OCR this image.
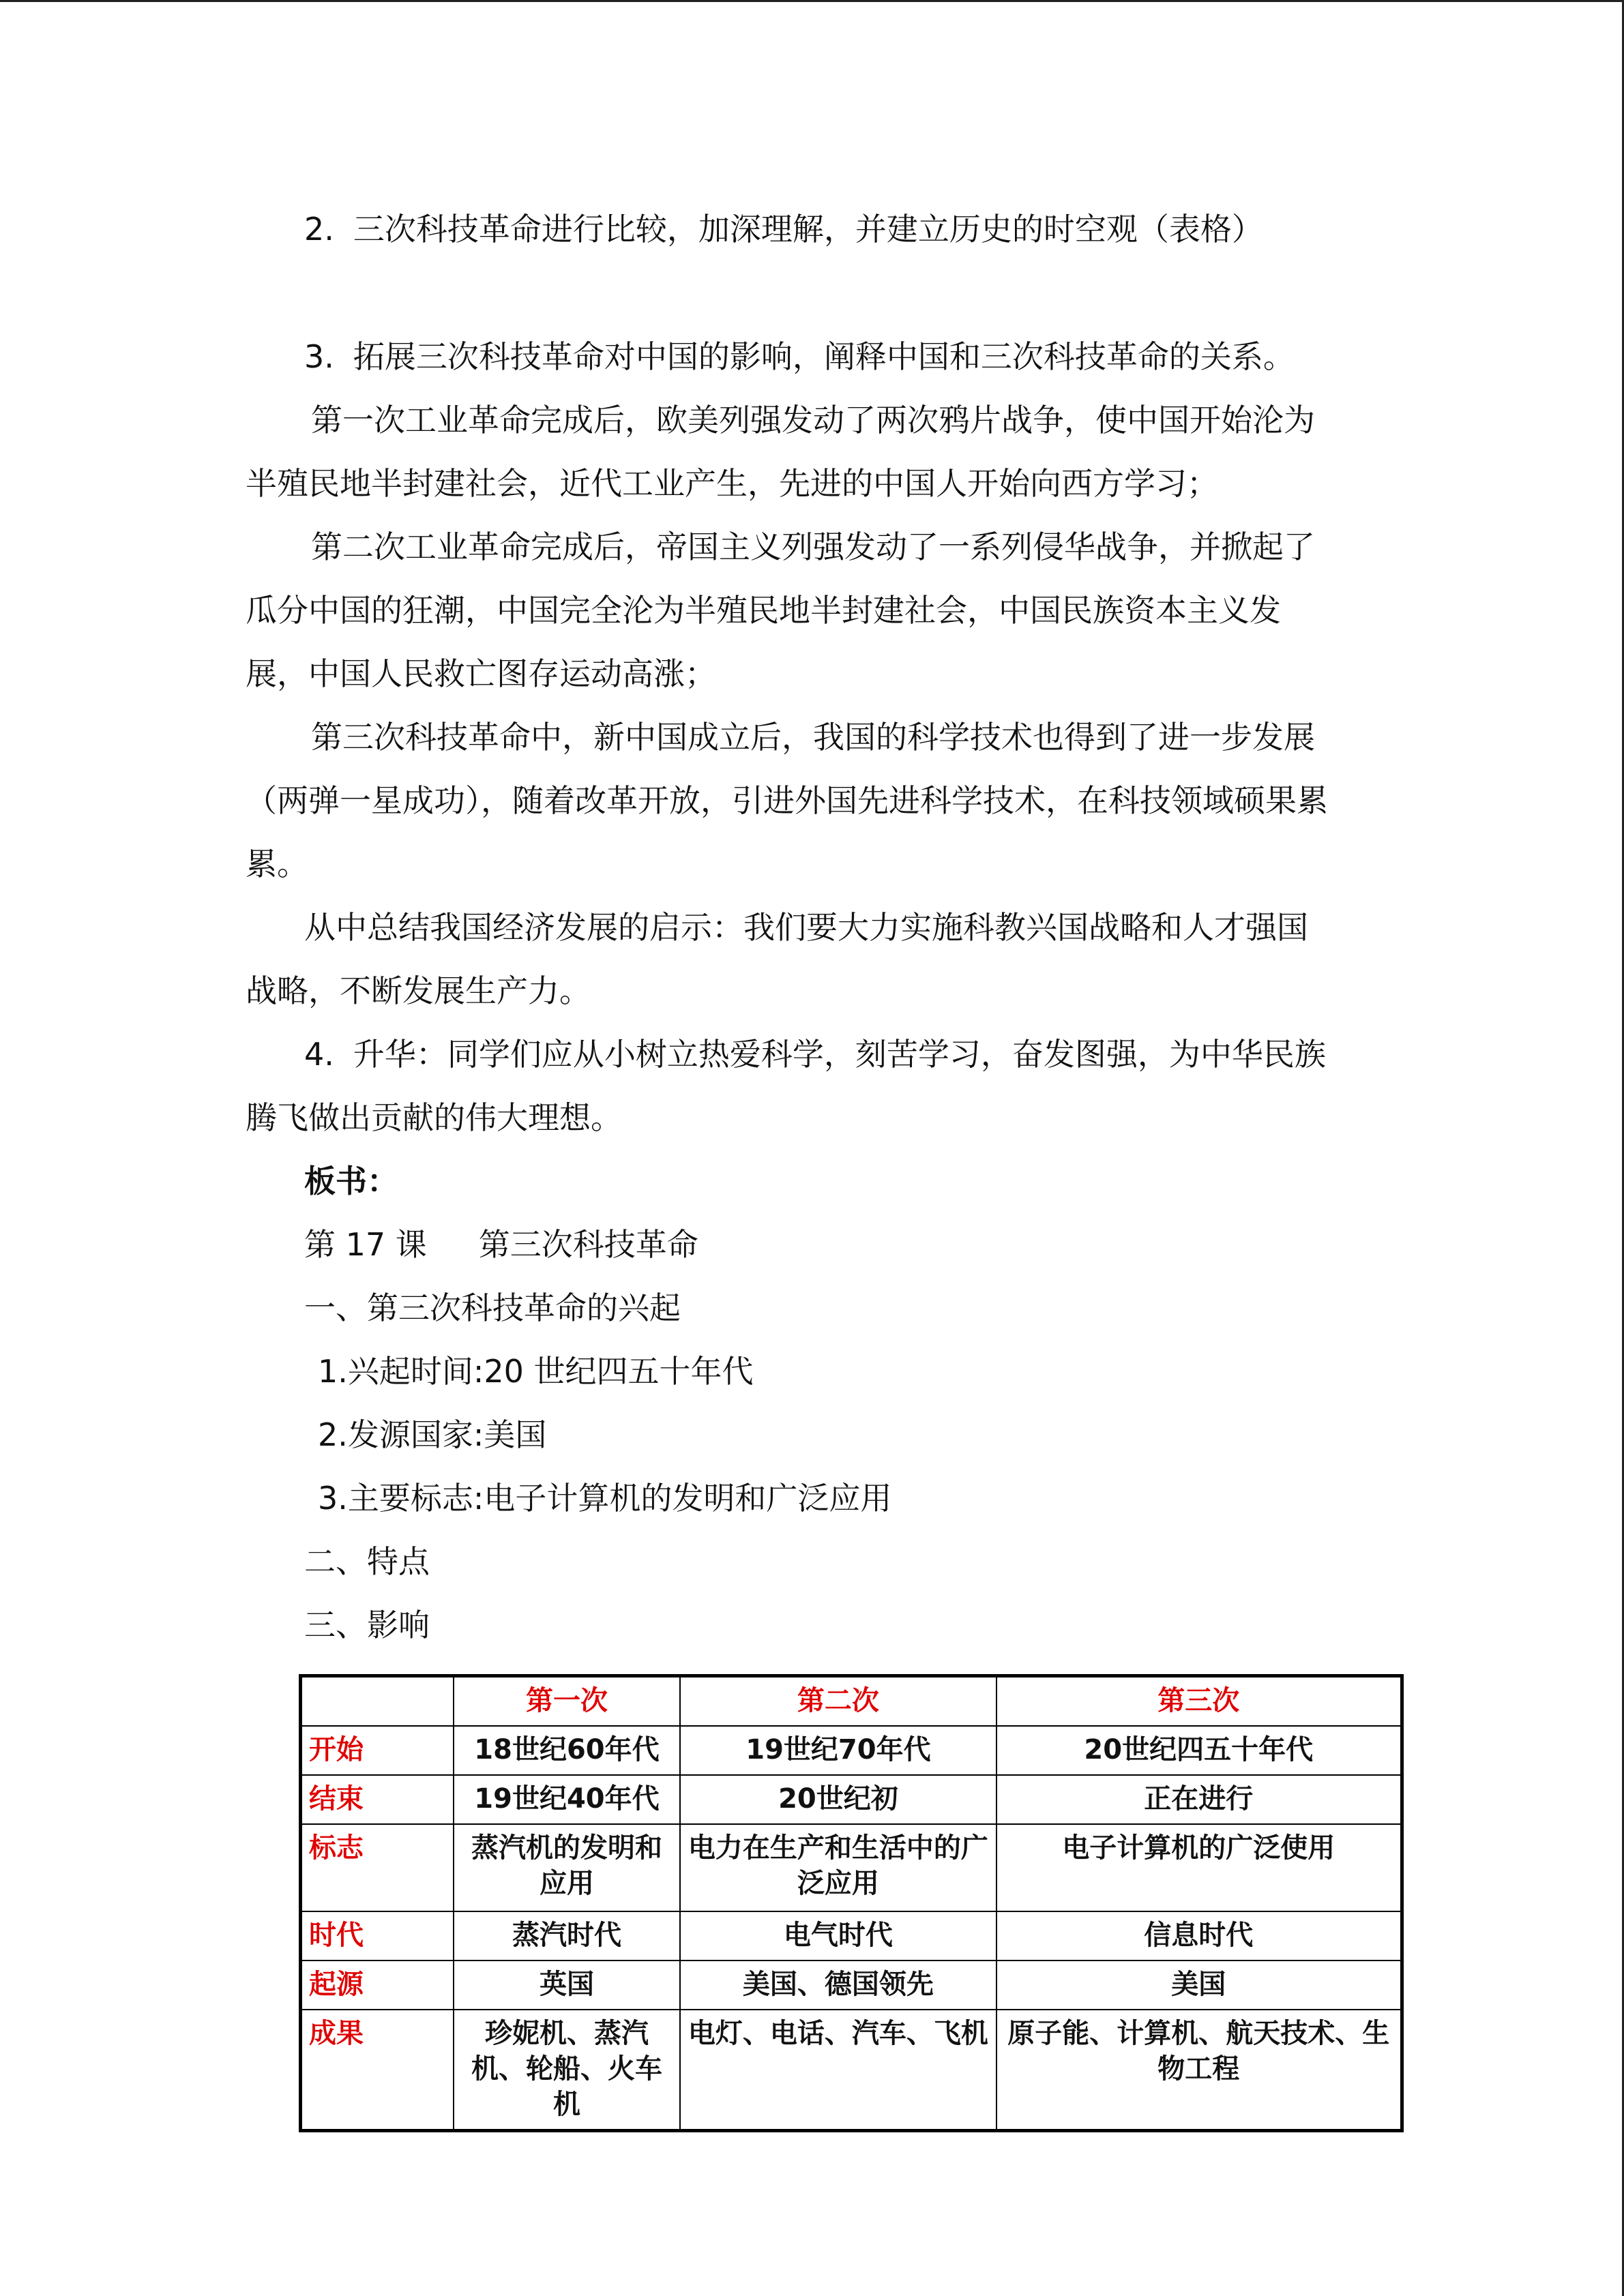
2. 三次科技革命进行比较，加深理解，并建立历史的时空观（表格）

3. 拓展三次科技革命对中国的影响，阐释中国和三次科技革命的关系。

第一次工业革命完成后，欧美列强发动了两次鸦片战争，使中国开始沦为

半殖民地半封建社会，近代工业产生，先进的中国人开始向西方学习；

第二次工业革命完成后，帝国主义列强发动了一系列侵华战争，并掀起了

瓜分中国的狂潮，中国完全沦为半殖民地半封建社会，中国民族资本主义发

展，中国人民救亡图存运动高涨；

第三次科技革命中，新中国成立后，我国的科学技术也得到了进一步发展

（两弹一星成功），随着改革开放，引进外国先进科学技术，在科技领域硕果累

累。

从中总结我国经济发展的启示：我们要大力实施科教兴国战略和人才强国

战略，不断发展生产力。

4. 升华：同学们应从小树立热爱科学，刻苦学习，奋发图强，为中华民族

腾飞做出贡献的伟大理想。

板书：

第 17 课 第三次科技革命

一、第三次科技革命的兴起

1.兴起时间:20 世纪四五十年代

2.发源国家:美国

3.主要标志:电子计算机的发明和广泛应用

二、特点

三、影响

	第一次	第二次	第三次
开始	18世纪60年代	19世纪70年代	20世纪四五十年代
结束	19世纪40年代	20世纪初	正在进行
标志	蒸汽机的发明和应用	电力在生产和生活中的广泛应用	电子计算机的广泛使用
时代	蒸汽时代	电气时代	信息时代
起源	英国	美国、德国领先	美国
成果	珍妮机、蒸汽机、轮船、火车机	电灯、电话、汽车、飞机	原子能、计算机、航天技术、生物工程
